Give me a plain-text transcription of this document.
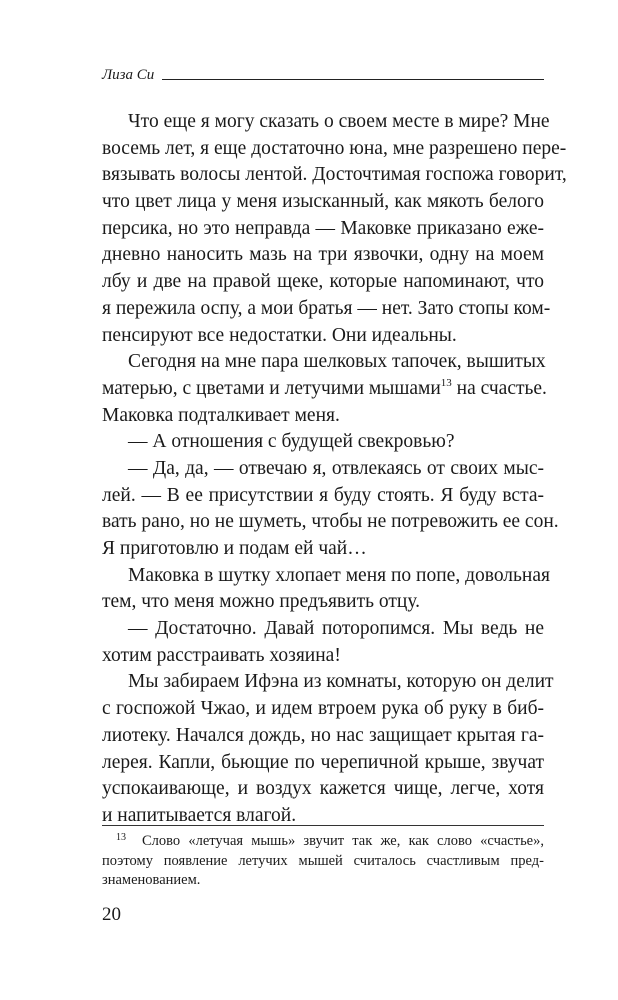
Лиза Си
Что еще я могу сказать о своем месте в мире? Мне
восемь лет, я еще достаточно юна, мне разрешено пере-
вязывать волосы лентой. Досточтимая госпожа говорит,
что цвет лица у меня изысканный, как мякоть белого
персика, но это неправда — Маковке приказано еже-
дневно наносить мазь на три язвочки, одну на моем
лбу и две на правой щеке, которые напоминают, что
я пережила оспу, а мои братья — нет. Зато стопы ком-
пенсируют все недостатки. Они идеальны.
Сегодня на мне пара шелковых тапочек, вышитых
матерью, с цветами и летучими мышами$^{13}$ на счастье.
Маковка подталкивает меня.
— А отношения с будущей свекровью?
— Да, да, — отвечаю я, отвлекаясь от своих мыс-
лей. — В ее присутствии я буду стоять. Я буду вста-
вать рано, но не шуметь, чтобы не потревожить ее сон.
Я приготовлю и подам ей чай…
Маковка в шутку хлопает меня по попе, довольная
тем, что меня можно предъявить отцу.
— Достаточно. Давай поторопимся. Мы ведь не
хотим расстраивать хозяина!
Мы забираем Ифэна из комнаты, которую он делит
с госпожой Чжао, и идем втроем рука об руку в биб-
лиотеку. Начался дождь, но нас защищает крытая га-
лерея. Капли, бьющие по черепичной крыше, звучат
успокаивающе, и воздух кажется чище, легче, хотя
и напитывается влагой.
$^{13}$ Слово «летучая мышь» звучит так же, как слово «счастье»,
поэтому появление летучих мышей считалось счастливым пред-
знаменованием.
20
